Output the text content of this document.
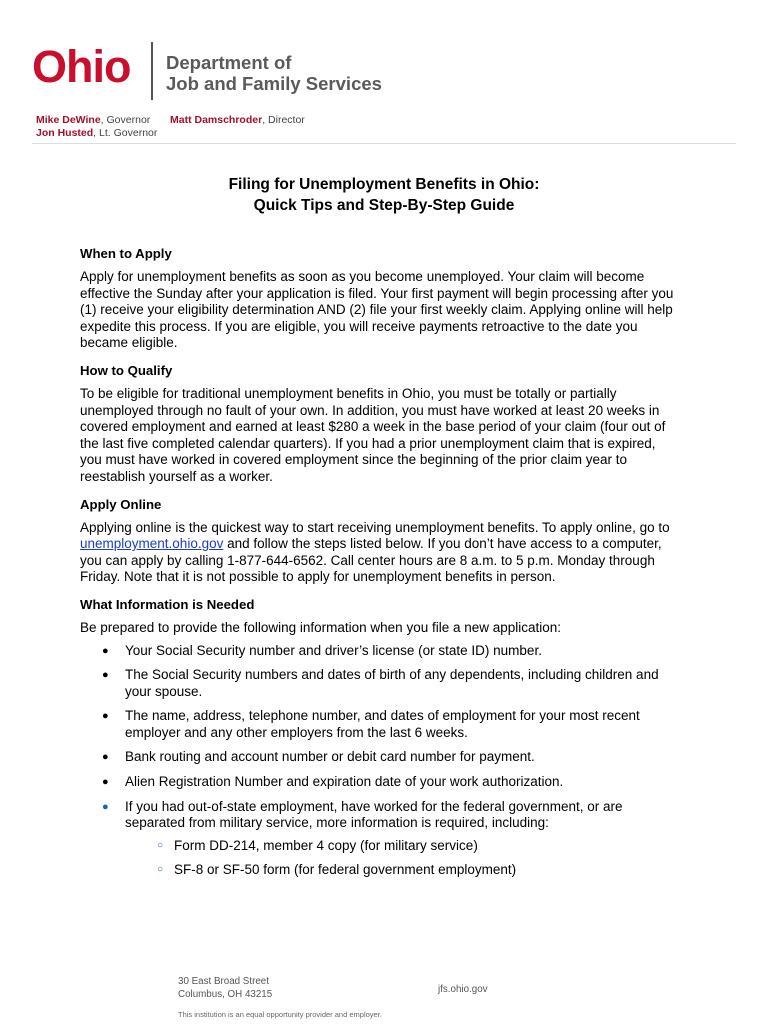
Ohio Department of
Job and Family Services
Mike DeWine, Governor
Jon Husted, Lt. Governor
Matt Damschroder, Director
Filing for Unemployment Benefits in Ohio:
Quick Tips and Step-By-Step Guide
When to Apply

Apply for unemployment benefits as soon as you become unemployed. Your claim will become effective the Sunday after your application is filed. Your first payment will begin processing after you (1) receive your eligibility determination AND (2) file your first weekly claim. Applying online will help expedite this process. If you are eligible, you will receive payments retroactive to the date you became eligible.

How to Qualify

To be eligible for traditional unemployment benefits in Ohio, you must be totally or partially unemployed through no fault of your own. In addition, you must have worked at least 20 weeks in covered employment and earned at least $280 a week in the base period of your claim (four out of the last five completed calendar quarters). If you had a prior unemployment claim that is expired, you must have worked in covered employment since the beginning of the prior claim year to reestablish yourself as a worker.

Apply Online

Applying online is the quickest way to start receiving unemployment benefits. To apply online, go to unemployment.ohio.gov and follow the steps listed below. If you don’t have access to a computer, you can apply by calling 1-877-644-6562. Call center hours are 8 a.m. to 5 p.m. Monday through Friday. Note that it is not possible to apply for unemployment benefits in person.

What Information is Needed

Be prepared to provide the following information when you file a new application:

● Your Social Security number and driver’s license (or state ID) number.
● The Social Security numbers and dates of birth of any dependents, including children and your spouse.
● The name, address, telephone number, and dates of employment for your most recent employer and any other employers from the last 6 weeks.
● Bank routing and account number or debit card number for payment.
● Alien Registration Number and expiration date of your work authorization.
● If you had out-of-state employment, have worked for the federal government, or are separated from military service, more information is required, including:
○ Form DD-214, member 4 copy (for military service)
○ SF-8 or SF-50 form (for federal government employment)
30 East Broad Street
Columbus, OH 43215	jfs.ohio.gov
This institution is an equal opportunity provider and employer.
